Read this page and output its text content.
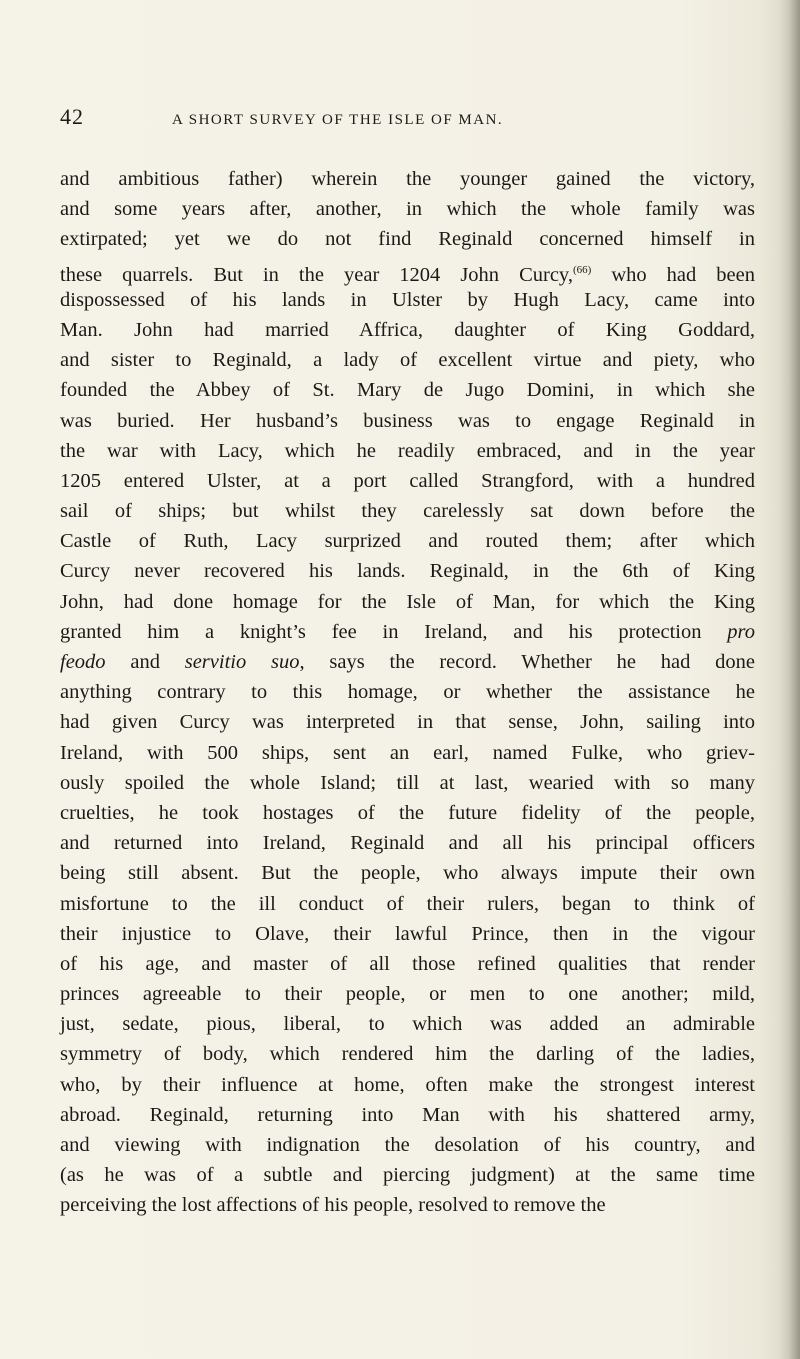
42	A SHORT SURVEY OF THE ISLE OF MAN.
and ambitious father) wherein the younger gained the victory,
and some years after, another, in which the whole family was
extirpated; yet we do not find Reginald concerned himself in
these quarrels. But in the year 1204 John Curcy,$^{(66)}$ who had been
dispossessed of his lands in Ulster by Hugh Lacy, came into
Man. John had married Affrica, daughter of King Goddard,
and sister to Reginald, a lady of excellent virtue and piety, who
founded the Abbey of St. Mary de Jugo Domini, in which she
was buried. Her husband’s business was to engage Reginald in
the war with Lacy, which he readily embraced, and in the year
1205 entered Ulster, at a port called Strangford, with a hundred
sail of ships; but whilst they carelessly sat down before the
Castle of Ruth, Lacy surprized and routed them; after which
Curcy never recovered his lands. Reginald, in the 6th of King
John, had done homage for the Isle of Man, for which the King
granted him a knight’s fee in Ireland, and his protection pro
feodo and servitio suo, says the record. Whether he had done
anything contrary to this homage, or whether the assistance he
had given Curcy was interpreted in that sense, John, sailing into
Ireland, with 500 ships, sent an earl, named Fulke, who griev-
ously spoiled the whole Island; till at last, wearied with so many
cruelties, he took hostages of the future fidelity of the people,
and returned into Ireland, Reginald and all his principal officers
being still absent. But the people, who always impute their own
misfortune to the ill conduct of their rulers, began to think of
their injustice to Olave, their lawful Prince, then in the vigour
of his age, and master of all those refined qualities that render
princes agreeable to their people, or men to one another; mild,
just, sedate, pious, liberal, to which was added an admirable
symmetry of body, which rendered him the darling of the ladies,
who, by their influence at home, often make the strongest interest
abroad. Reginald, returning into Man with his shattered army,
and viewing with indignation the desolation of his country, and
(as he was of a subtle and piercing judgment) at the same time
perceiving the lost affections of his people, resolved to remove the
